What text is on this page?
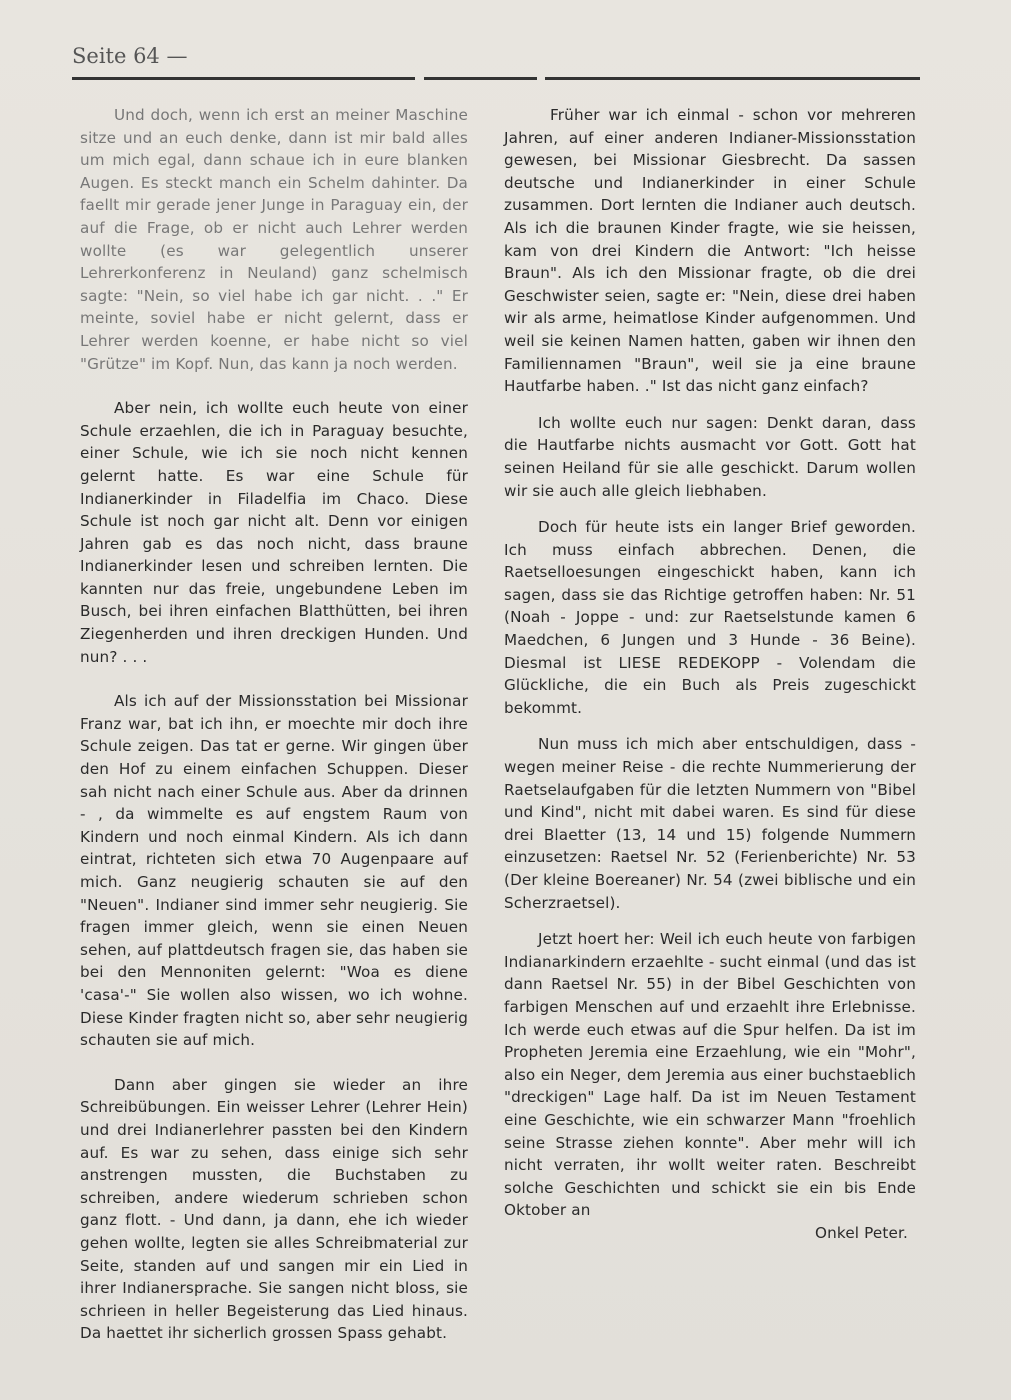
Seite 64 —

Und doch, wenn ich erst an meiner Maschine sitze und an euch denke, dann ist mir bald alles um mich egal, dann schaue ich in eure blanken Augen. Es steckt manch ein Schelm dahinter. Da faellt mir gerade jener Junge in Paraguay ein, der auf die Frage, ob er nicht auch Lehrer werden wollte (es war gelegentlich unserer Lehrerkonferenz in Neuland) ganz schelmisch sagte: "Nein, so viel habe ich gar nicht. . ." Er meinte, soviel habe er nicht gelernt, dass er Lehrer werden koenne, er habe nicht so viel "Grütze" im Kopf. Nun, das kann ja noch werden.

Aber nein, ich wollte euch heute von einer Schule erzaehlen, die ich in Paraguay besuchte, einer Schule, wie ich sie noch nicht kennen gelernt hatte. Es war eine Schule für Indianerkinder in Filadelfia im Chaco. Diese Schule ist noch gar nicht alt. Denn vor einigen Jahren gab es das noch nicht, dass braune Indianerkinder lesen und schreiben lernten. Die kannten nur das freie, ungebundene Leben im Busch, bei ihren einfachen Blatthütten, bei ihren Ziegenherden und ihren dreckigen Hunden. Und nun? . . .

Als ich auf der Missionsstation bei Missionar Franz war, bat ich ihn, er moechte mir doch ihre Schule zeigen. Das tat er gerne. Wir gingen über den Hof zu einem einfachen Schuppen. Dieser sah nicht nach einer Schule aus. Aber da drinnen - , da wimmelte es auf engstem Raum von Kindern und noch einmal Kindern. Als ich dann eintrat, richteten sich etwa 70 Augenpaare auf mich. Ganz neugierig schauten sie auf den "Neuen". Indianer sind immer sehr neugierig. Sie fragen immer gleich, wenn sie einen Neuen sehen, auf plattdeutsch fragen sie, das haben sie bei den Mennoniten gelernt: "Woa es diene 'casa'-" Sie wollen also wissen, wo ich wohne. Diese Kinder fragten nicht so, aber sehr neugierig schauten sie auf mich.

Dann aber gingen sie wieder an ihre Schreibübungen. Ein weisser Lehrer (Lehrer Hein) und drei Indianerlehrer passten bei den Kindern auf. Es war zu sehen, dass einige sich sehr anstrengen mussten, die Buchstaben zu schreiben, andere wiederum schrieben schon ganz flott. - Und dann, ja dann, ehe ich wieder gehen wollte, legten sie alles Schreibmaterial zur Seite, standen auf und sangen mir ein Lied in ihrer Indianersprache. Sie sangen nicht bloss, sie schrieen in heller Begeisterung das Lied hinaus. Da haettet ihr sicherlich grossen Spass gehabt.

Früher war ich einmal - schon vor mehreren Jahren, auf einer anderen Indianer-Missionsstation gewesen, bei Missionar Giesbrecht. Da sassen deutsche und Indianerkinder in einer Schule zusammen. Dort lernten die Indianer auch deutsch. Als ich die braunen Kinder fragte, wie sie heissen, kam von drei Kindern die Antwort: "Ich heisse Braun". Als ich den Missionar fragte, ob die drei Geschwister seien, sagte er: "Nein, diese drei haben wir als arme, heimatlose Kinder aufgenommen. Und weil sie keinen Namen hatten, gaben wir ihnen den Familiennamen "Braun", weil sie ja eine braune Hautfarbe haben. ." Ist das nicht ganz einfach?

Ich wollte euch nur sagen: Denkt daran, dass die Hautfarbe nichts ausmacht vor Gott. Gott hat seinen Heiland für sie alle geschickt. Darum wollen wir sie auch alle gleich liebhaben.

Doch für heute ists ein langer Brief geworden. Ich muss einfach abbrechen. Denen, die Raetselloesungen eingeschickt haben, kann ich sagen, dass sie das Richtige getroffen haben: Nr. 51 (Noah - Joppe - und: zur Raetselstunde kamen 6 Maedchen, 6 Jungen und 3 Hunde - 36 Beine). Diesmal ist LIESE REDEKOPP - Volendam die Glückliche, die ein Buch als Preis zugeschickt bekommt.

Nun muss ich mich aber entschuldigen, dass - wegen meiner Reise - die rechte Nummerierung der Raetselaufgaben für die letzten Nummern von "Bibel und Kind", nicht mit dabei waren. Es sind für diese drei Blaetter (13, 14 und 15) folgende Nummern einzusetzen: Raetsel Nr. 52 (Ferienberichte) Nr. 53 (Der kleine Boereaner) Nr. 54 (zwei biblische und ein Scherzraetsel).

Jetzt hoert her: Weil ich euch heute von farbigen Indianarkindern erzaehlte - sucht einmal (und das ist dann Raetsel Nr. 55) in der Bibel Geschichten von farbigen Menschen auf und erzaehlt ihre Erlebnisse. Ich werde euch etwas auf die Spur helfen. Da ist im Propheten Jeremia eine Erzaehlung, wie ein "Mohr", also ein Neger, dem Jeremia aus einer buchstaeblich "dreckigen" Lage half. Da ist im Neuen Testament eine Geschichte, wie ein schwarzer Mann "froehlich seine Strasse ziehen konnte". Aber mehr will ich nicht verraten, ihr wollt weiter raten. Beschreibt solche Geschichten und schickt sie ein bis Ende Oktober an

Onkel Peter.
